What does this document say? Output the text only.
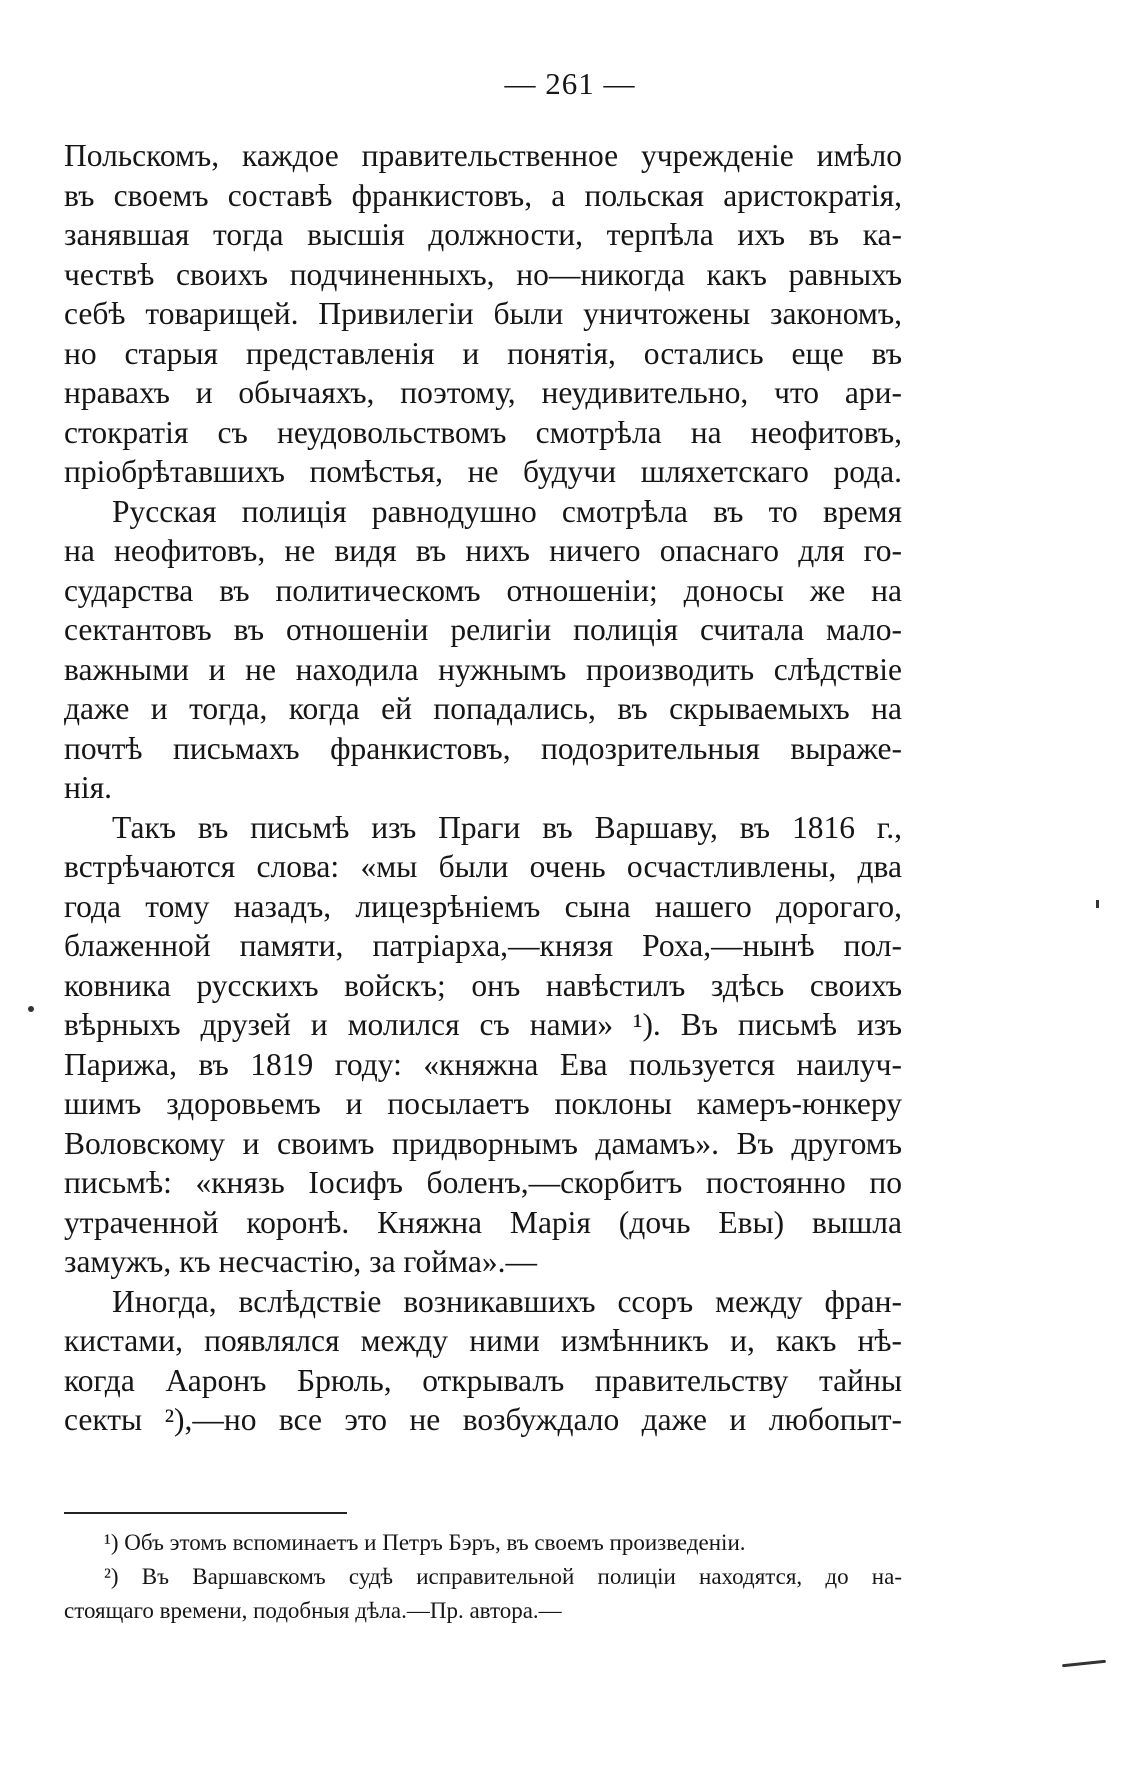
— 261 —

Польскомъ, каждое правительственное учрежденіе имѣло
въ своемъ составѣ франкистовъ, а польская аристократія,
занявшая тогда высшія должности, терпѣла ихъ въ ка-
чествѣ своихъ подчиненныхъ, но—никогда какъ равныхъ
себѣ товарищей. Привилегіи были уничтожены закономъ,
но старыя представленія и понятія, остались еще въ
нравахъ и обычаяхъ, поэтому, неудивительно, что ари-
стократія съ неудовольствомъ смотрѣла на неофитовъ,
пріобрѣтавшихъ помѣстья, не будучи шляхетскаго рода.

Русская полиція равнодушно смотрѣла въ то время
на неофитовъ, не видя въ нихъ ничего опаснаго для го-
сударства въ политическомъ отношеніи; доносы же на
сектантовъ въ отношеніи религіи полиція считала мало-
важными и не находила нужнымъ производить слѣдствіе
даже и тогда, когда ей попадались, въ скрываемыхъ на
почтѣ письмахъ франкистовъ, подозрительныя выраже-
нія.

Такъ въ письмѣ изъ Праги въ Варшаву, въ 1816 г.,
встрѣчаются слова: «мы были очень осчастливлены, два
года тому назадъ, лицезрѣніемъ сына нашего дорогаго,
блаженной памяти, патріарха,—князя Роха,—нынѣ пол-
ковника русскихъ войскъ; онъ навѣстилъ здѣсь своихъ
вѣрныхъ друзей и молился съ нами» ¹). Въ письмѣ изъ
Парижа, въ 1819 году: «княжна Ева пользуется наилуч-
шимъ здоровьемъ и посылаетъ поклоны камеръ-юнкеру
Воловскому и своимъ придворнымъ дамамъ». Въ другомъ
письмѣ: «князь Іосифъ боленъ,—скорбитъ постоянно по
утраченной коронѣ. Княжна Марія (дочь Евы) вышла
замужъ, къ несчастію, за гойма».—

Иногда, вслѣдствіе возникавшихъ ссоръ между фран-
кистами, появлялся между ними измѣнникъ и, какъ нѣ-
когда Ааронъ Брюль, открывалъ правительству тайны
секты ²),—но все это не возбуждало даже и любопыт-

¹) Объ этомъ вспоминаетъ и Петръ Бэръ, въ своемъ произведеніи.

²) Въ Варшавскомъ судѣ исправительной полиціи находятся, до на-
стоящаго времени, подобныя дѣла.—Пр. автора.—
